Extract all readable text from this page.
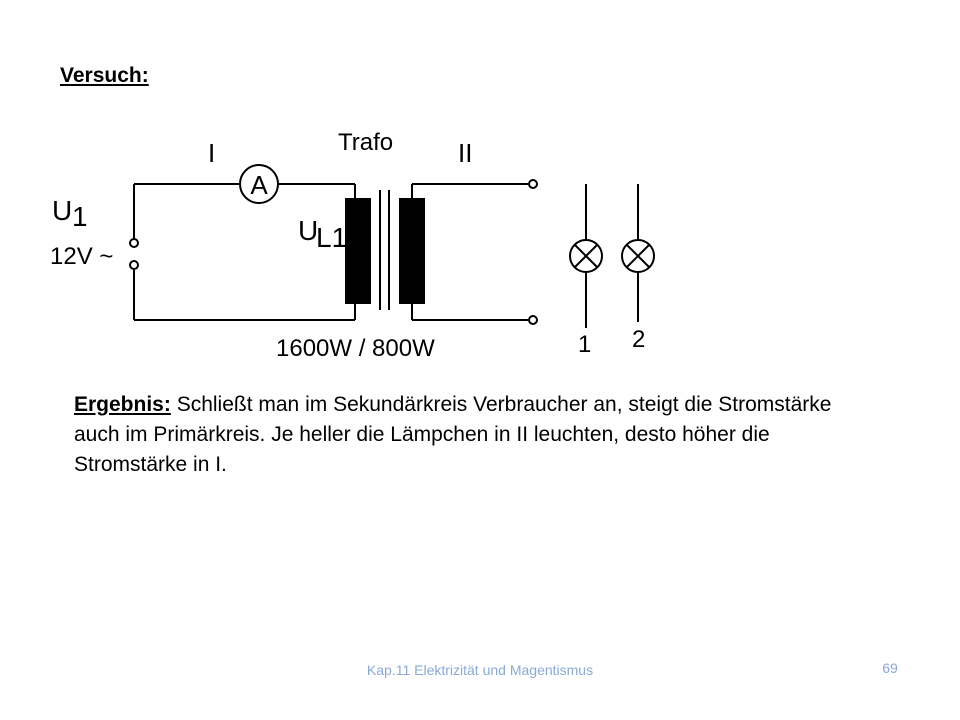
Versuch:
A
I	Trafo II
U 1
12V ~
U
L1
1600W / 800W	1 2
Ergebnis: Schließt man im Sekundärkreis Verbraucher an, steigt die Stromstärke auch im Primärkreis. Je heller die Lämpchen in II leuchten, desto höher die Stromstärke in I.
Kap.11 Elektrizität und Magentismus	69
